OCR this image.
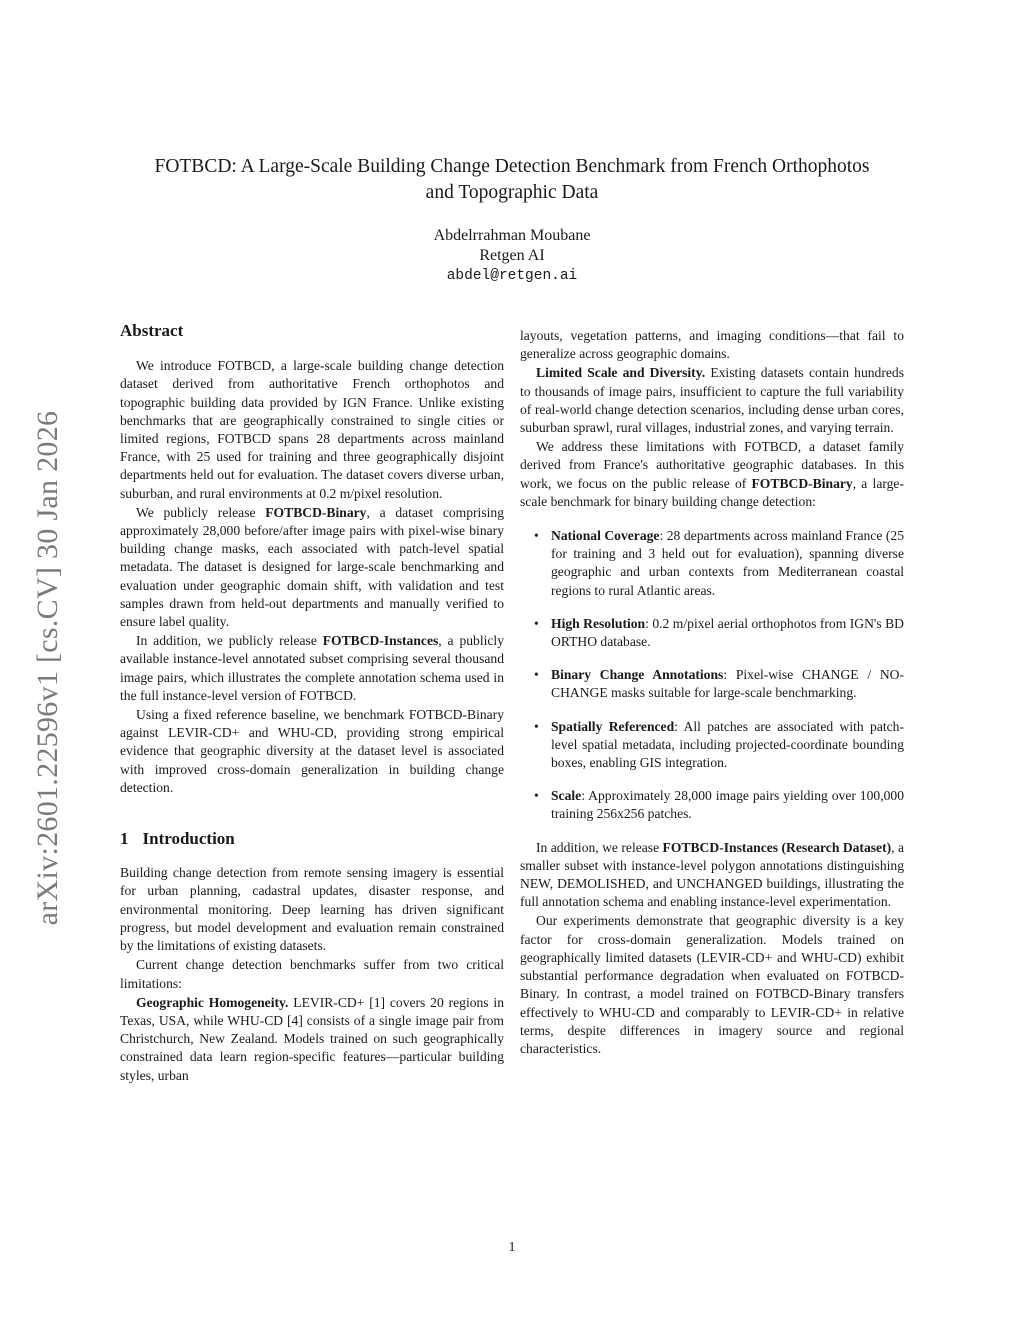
arXiv:2601.22596v1 [cs.CV] 30 Jan 2026
FOTBCD: A Large-Scale Building Change Detection Benchmark from French Orthophotos
and Topographic Data
Abdelrrahman Moubane
Retgen AI
abdel@retgen.ai
Abstract

We introduce FOTBCD, a large-scale building change detection dataset derived from authoritative French orthophotos and topographic building data provided by IGN France. Unlike existing benchmarks that are geographically constrained to single cities or limited regions, FOTBCD spans 28 departments across mainland France, with 25 used for training and three geographically disjoint departments held out for evaluation. The dataset covers diverse urban, suburban, and rural environments at 0.2 m/pixel resolution.

We publicly release FOTBCD-Binary, a dataset comprising approximately 28,000 before/after image pairs with pixel-wise binary building change masks, each associated with patch-level spatial metadata. The dataset is designed for large-scale benchmarking and evaluation under geographic domain shift, with validation and test samples drawn from held-out departments and manually verified to ensure label quality.

In addition, we publicly release FOTBCD-Instances, a publicly available instance-level annotated subset comprising several thousand image pairs, which illustrates the complete annotation schema used in the full instance-level version of FOTBCD.

Using a fixed reference baseline, we benchmark FOTBCD-Binary against LEVIR-CD+ and WHU-CD, providing strong empirical evidence that geographic diversity at the dataset level is associated with improved cross-domain generalization in building change detection.

1 Introduction

Building change detection from remote sensing imagery is essential for urban planning, cadastral updates, disaster response, and environmental monitoring. Deep learning has driven significant progress, but model development and evaluation remain constrained by the limitations of existing datasets.

Current change detection benchmarks suffer from two critical limitations:

Geographic Homogeneity. LEVIR-CD+ [1] covers 20 regions in Texas, USA, while WHU-CD [4] consists of a single image pair from Christchurch, New Zealand. Models trained on such geographically constrained data learn region-specific features—particular building styles, urban

layouts, vegetation patterns, and imaging conditions—that fail to generalize across geographic domains.

Limited Scale and Diversity. Existing datasets contain hundreds to thousands of image pairs, insufficient to capture the full variability of real-world change detection scenarios, including dense urban cores, suburban sprawl, rural villages, industrial zones, and varying terrain.

We address these limitations with FOTBCD, a dataset family derived from France's authoritative geographic databases. In this work, we focus on the public release of FOTBCD-Binary, a large-scale benchmark for binary building change detection:

• National Coverage: 28 departments across mainland France (25 for training and 3 held out for evaluation), spanning diverse geographic and urban contexts from Mediterranean coastal regions to rural Atlantic areas.
• High Resolution: 0.2 m/pixel aerial orthophotos from IGN's BD ORTHO database.
• Binary Change Annotations: Pixel-wise CHANGE / NO-CHANGE masks suitable for large-scale benchmarking.
• Spatially Referenced: All patches are associated with patch-level spatial metadata, including projected-coordinate bounding boxes, enabling GIS integration.
• Scale: Approximately 28,000 image pairs yielding over 100,000 training 256x256 patches.

In addition, we release FOTBCD-Instances (Research Dataset), a smaller subset with instance-level polygon annotations distinguishing NEW, DEMOLISHED, and UNCHANGED buildings, illustrating the full annotation schema and enabling instance-level experimentation.

Our experiments demonstrate that geographic diversity is a key factor for cross-domain generalization. Models trained on geographically limited datasets (LEVIR-CD+ and WHU-CD) exhibit substantial performance degradation when evaluated on FOTBCD-Binary. In contrast, a model trained on FOTBCD-Binary transfers effectively to WHU-CD and comparably to LEVIR-CD+ in relative terms, despite differences in imagery source and regional characteristics.

1
